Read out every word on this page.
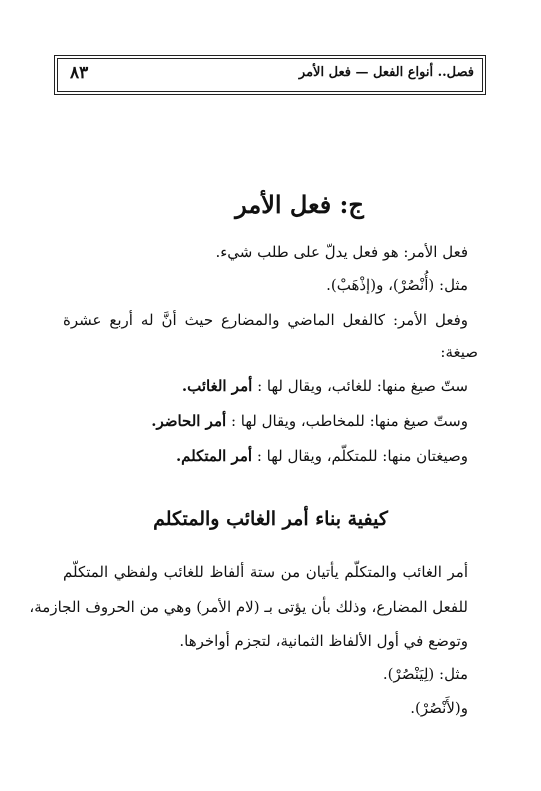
فصل.. أنواع الفعل — فعل الأمر
٨٣
ج: فعل الأمر
فعل الأمر: هو فعل يدلّ على طلب شيء.
مثل: (أُنْصُرْ)، و(إذْهَبْ).
وفعل الأمر: كالفعل الماضي والمضارع حيث أنَّ له أربع عشرة
صيغة:
ستّ صيغ منها: للغائب، ويقال لها : أمر الغائب.
وستّ صيغ منها: للمخاطب، ويقال لها : أمر الحاضر.
وصيغتان منها: للمتكلّم، ويقال لها : أمر المتكلم.
كيفية بناء أمر الغائب والمتكلم
أمر الغائب والمتكلّم يأتيان من ستة ألفاظ للغائب ولفظي المتكلّم
للفعل المضارع، وذلك بأن يؤتى بـ (لام الأمر) وهي من الحروف الجازمة،
وتوضع في أول الألفاظ الثمانية، لتجزم أواخرها.
مثل: (لِيَنْصُرْ).
و(لأَنْصُرْ).
